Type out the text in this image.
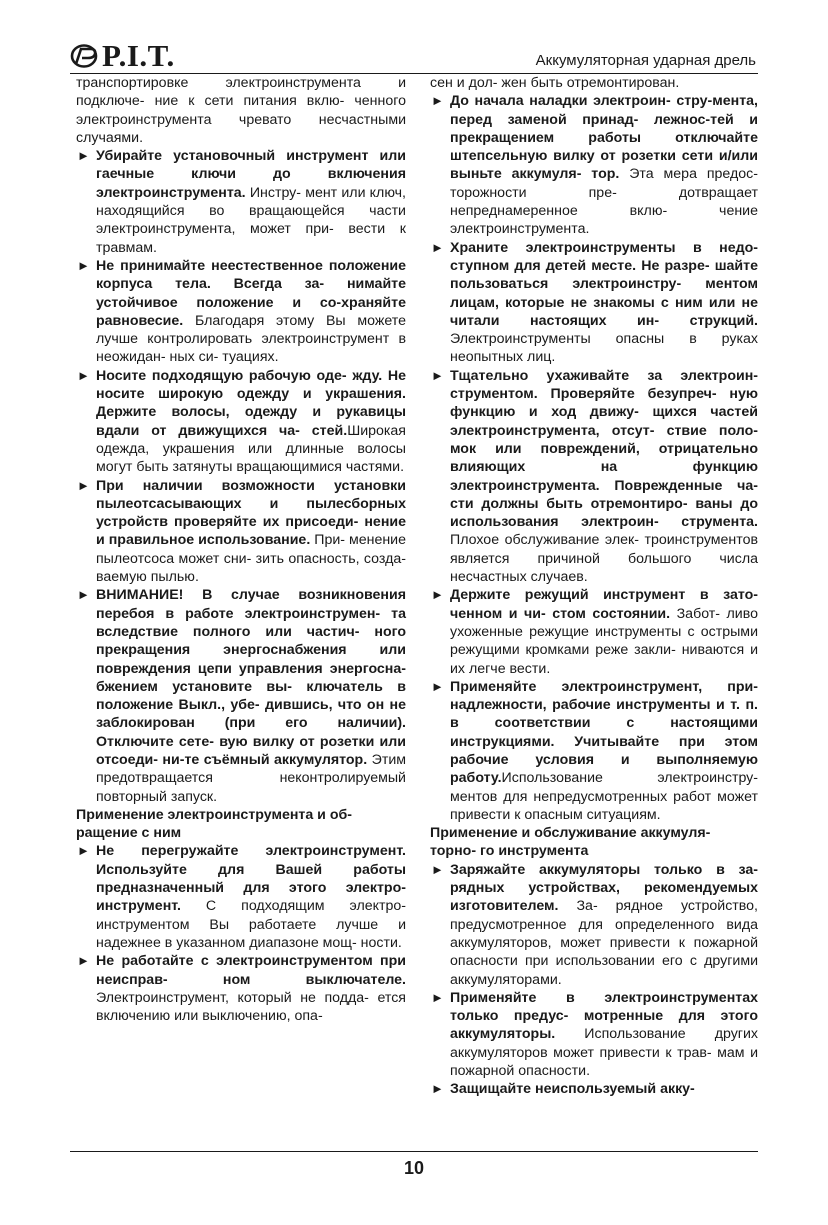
P.I.T.	Аккумуляторная ударная дрель

транспортировке электроинструмента и подключе- ние к сети питания вклю- ченного электроинструмента чревато несчастными случаями.

► Убирайте установочный инструмент или гаечные ключи до включения электроинструмента. Инстру- мент или ключ, находящийся во вращающейся части электроинструмента, может при- вести к травмам.

► Не принимайте неестественное положение корпуса тела. Всегда за- нимайте устойчивое положение и со-храняйте равновесие. Благодаря этому Вы можете лучше контролировать электроинструмент в неожидан- ных си- туациях.

► Носите подходящую рабочую оде- жду. Не носите широкую одежду и украшения. Держите волосы, одежду и рукавицы вдали от движущихся ча- стей.Широкая одежда, украшения или длинные волосы могут быть затянуты вращающимися частями.

► При наличии возможности установки пылеотсасывающих и пылесборных устройств проверяйте их присоеди- нение и правильное использование. При- менение пылеотсоса может сни- зить опасность, созда- ваемую пылью.

► ВНИМАНИЕ! В случае возникновения перебоя в работе электроинструмен- та вследствие полного или частич- ного прекращения энергоснабжения или повреждения цепи управления энергосна-бжением установите вы- ключатель в положение Выкл., убе- дившись, что он не заблокирован (при его наличии). Отключите сете- вую вилку от розетки или отсоеди- ни-те съёмный аккумулятор. Этим предотвращается неконтролируемый повторный запуск.

Применение электроинструмента и об- ращение с ним

► Не перегружайте электроинструмент. Используйте для Вашей работы предназначенный для этого электро- инструмент. С подходящим электро- инструментом Вы работаете лучше и надежнее в указанном диапазоне мощ- ности.

► Не работайте с электроинструментом при неисправ- ном выключателе. Электроинструмент, который не подда- ется включению или выключению, опа-

сен и дол- жен быть отремонтирован.

► До начала наладки электроин- стру-мента, перед заменой принад- лежнос-тей и прекращением работы отключайте штепсельную вилку от розетки сети и/или выньте аккумуля- тор. Эта мера предос- торожности пре- дотвращает непреднамеренное вклю- чение электроинструмента.

► Храните электроинструменты в недо- ступном для детей месте. Не разре- шайте пользоваться электроинстру- ментом лицам, которые не знакомы с ним или не читали настоящих ин- струкций. Электроинструменты опасны в руках неопытных лиц.

► Тщательно ухаживайте за электроин- струментом. Проверяйте безупреч- ную функцию и ход движу- щихся частей электроинструмента, отсут- ствие поло- мок или повреждений, отрицательно влияющих на функцию электроинструмента. Поврежденные ча- сти должны быть отремонтиро- ваны до использования электроин- струмента. Плохое обслуживание элек- троинструментов является причиной большого числа несчастных случаев.

► Держите режущий инструмент в зато- ченном и чи- стом состоянии. Забот- ливо ухоженные режущие инструменты с острыми режущими кромками реже закли- ниваются и их легче вести.

► Применяйте электроинструмент, при- надлежности, рабочие инструменты и т. п. в соответствии с настоящими инструкциями. Учитывайте при этом рабочие условия и выполняемую работу.Использование электроинстру- ментов для непредусмотренных работ может привести к опасным ситуациям.

Применение и обслуживание аккумуля- торно- го инструмента

► Заряжайте аккумуляторы только в за- рядных устройствах, рекомендуемых изготовителем. За- рядное устройство, предусмотренное для определенного вида аккумуляторов, может привести к пожарной опасности при использовании его с другими аккумуляторами.

► Применяйте в электроинструментах только предус- мотренные для этого аккумуляторы. Использование других аккумуляторов может привести к трав- мам и пожарной опасности.

► Защищайте неиспользуемый акку-

10
